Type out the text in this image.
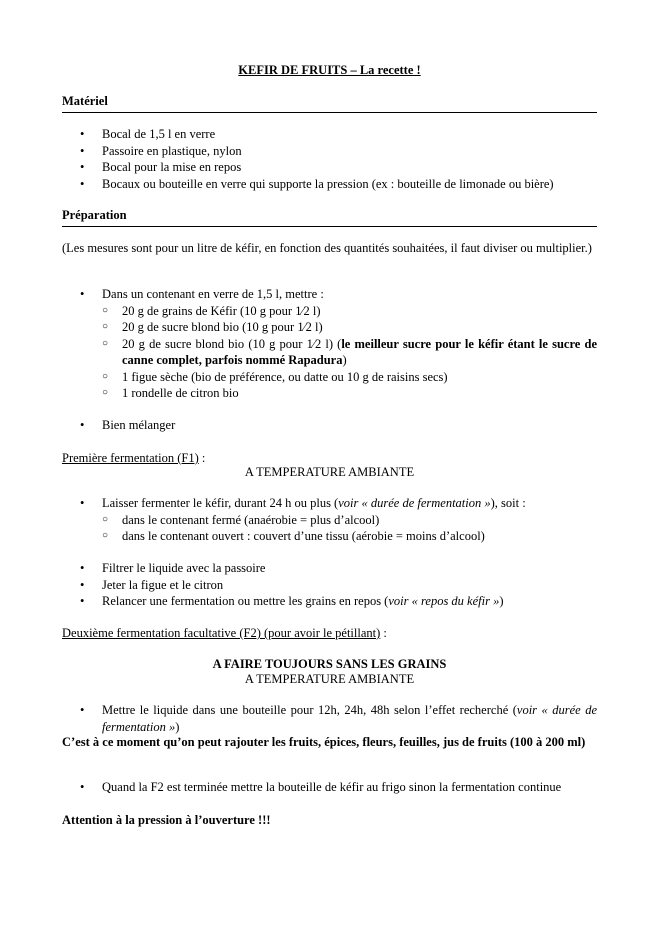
KEFIR DE FRUITS – La recette !
Matériel
• Bocal de 1,5 l en verre
• Passoire en plastique, nylon
• Bocal pour la mise en repos
• Bocaux ou bouteille en verre qui supporte la pression (ex : bouteille de limonade ou bière)
Préparation
(Les mesures sont pour un litre de kéfir, en fonction des quantités souhaitées, il faut diviser ou multiplier.)
• Dans un contenant en verre de 1,5 l, mettre :
○ 20 g de grains de Kéfir (10 g pour 1⁄2 l)
○ 20 g de sucre blond bio (10 g pour 1⁄2 l)
○ 20 g de sucre blond bio (10 g pour 1⁄2 l) (le meilleur sucre pour le kéfir étant le sucre de canne complet, parfois nommé Rapadura)
○ 1 figue sèche (bio de préférence, ou datte ou 10 g de raisins secs)
○ 1 rondelle de citron bio
• Bien mélanger
Première fermentation (F1) :
A TEMPERATURE AMBIANTE
• Laisser fermenter le kéfir, durant 24 h ou plus (voir « durée de fermentation »), soit :
○ dans le contenant fermé (anaérobie = plus d’alcool)
○ dans le contenant ouvert : couvert d’une tissu (aérobie = moins d’alcool)
• Filtrer le liquide avec la passoire
• Jeter la figue et le citron
• Relancer une fermentation ou mettre les grains en repos (voir « repos du kéfir »)
Deuxième fermentation facultative (F2) (pour avoir le pétillant) :
A FAIRE TOUJOURS SANS LES GRAINS
A TEMPERATURE AMBIANTE
• Mettre le liquide dans une bouteille pour 12h, 24h, 48h selon l’effet recherché (voir « durée de fermentation »)
C’est à ce moment qu’on peut rajouter les fruits, épices, fleurs, feuilles, jus de fruits (100 à 200 ml)
• Quand la F2 est terminée mettre la bouteille de kéfir au frigo sinon la fermentation continue
Attention à la pression à l’ouverture !!!
